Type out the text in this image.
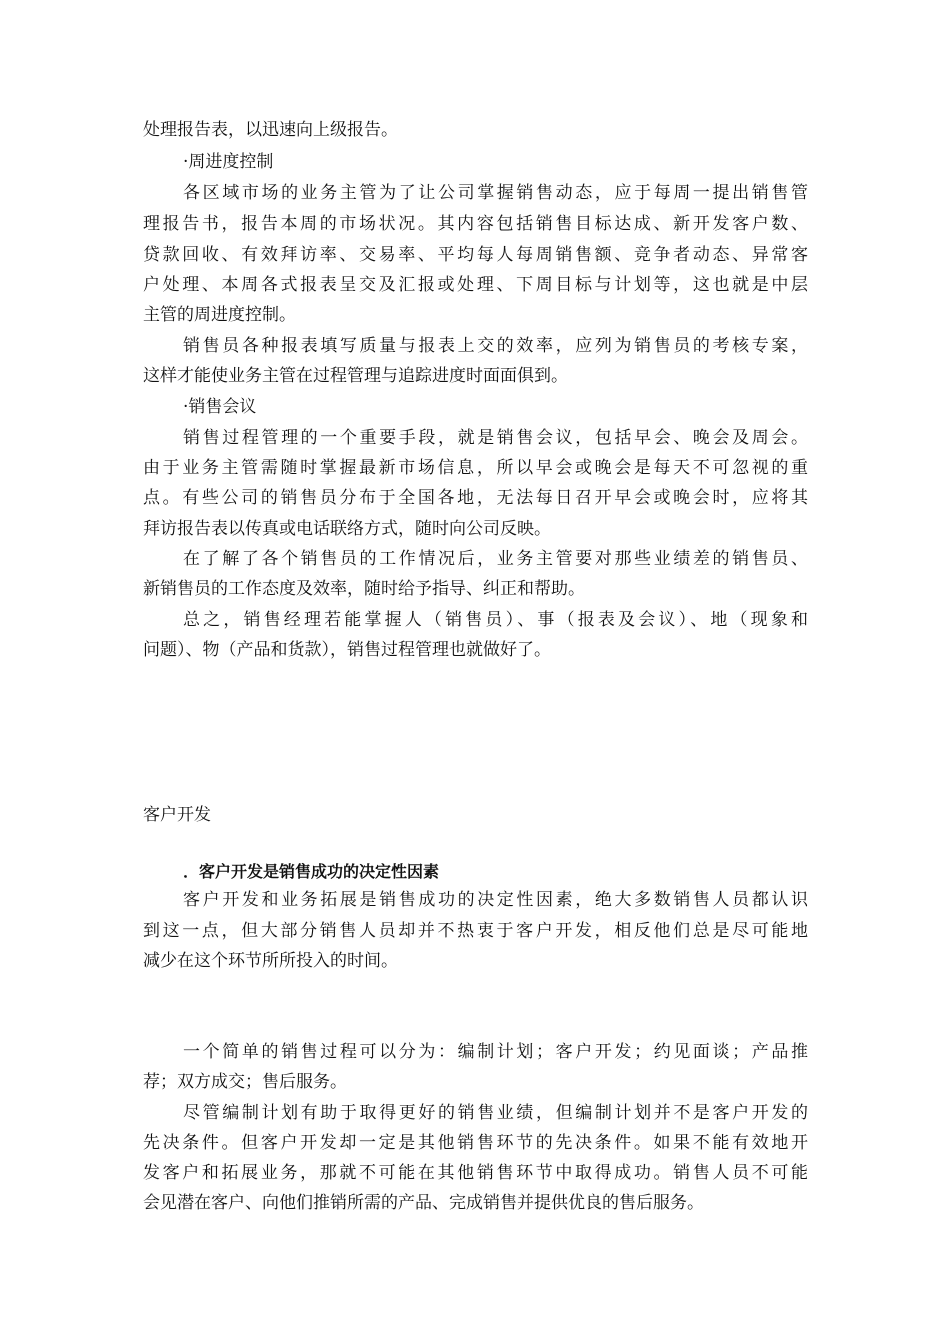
处理报告表，以迅速向上级报告。
·周进度控制
各区域市场的业务主管为了让公司掌握销售动态，应于每周一提出销售管
理报告书，报告本周的市场状况。其内容包括销售目标达成、新开发客户数、
贷款回收、有效拜访率、交易率、平均每人每周销售额、竞争者动态、异常客
户处理、本周各式报表呈交及汇报或处理、下周目标与计划等，这也就是中层
主管的周进度控制。
销售员各种报表填写质量与报表上交的效率，应列为销售员的考核专案，
这样才能使业务主管在过程管理与追踪进度时面面俱到。
·销售会议
销售过程管理的一个重要手段，就是销售会议，包括早会、晚会及周会。
由于业务主管需随时掌握最新市场信息，所以早会或晚会是每天不可忽视的重
点。有些公司的销售员分布于全国各地，无法每日召开早会或晚会时，应将其
拜访报告表以传真或电话联络方式，随时向公司反映。
在了解了各个销售员的工作情况后，业务主管要对那些业绩差的销售员、
新销售员的工作态度及效率，随时给予指导、纠正和帮助。
总之，销售经理若能掌握人（销售员）、事（报表及会议）、地（现象和
问题）、物（产品和货款），销售过程管理也就做好了。
客户开发
．客户开发是销售成功的决定性因素
客户开发和业务拓展是销售成功的决定性因素，绝大多数销售人员都认识
到这一点，但大部分销售人员却并不热衷于客户开发，相反他们总是尽可能地
减少在这个环节所所投入的时间。
一个简单的销售过程可以分为：编制计划；客户开发；约见面谈；产品推
荐；双方成交；售后服务。
尽管编制计划有助于取得更好的销售业绩，但编制计划并不是客户开发的
先决条件。但客户开发却一定是其他销售环节的先决条件。如果不能有效地开
发客户和拓展业务，那就不可能在其他销售环节中取得成功。销售人员不可能
会见潜在客户、向他们推销所需的产品、完成销售并提供优良的售后服务。
